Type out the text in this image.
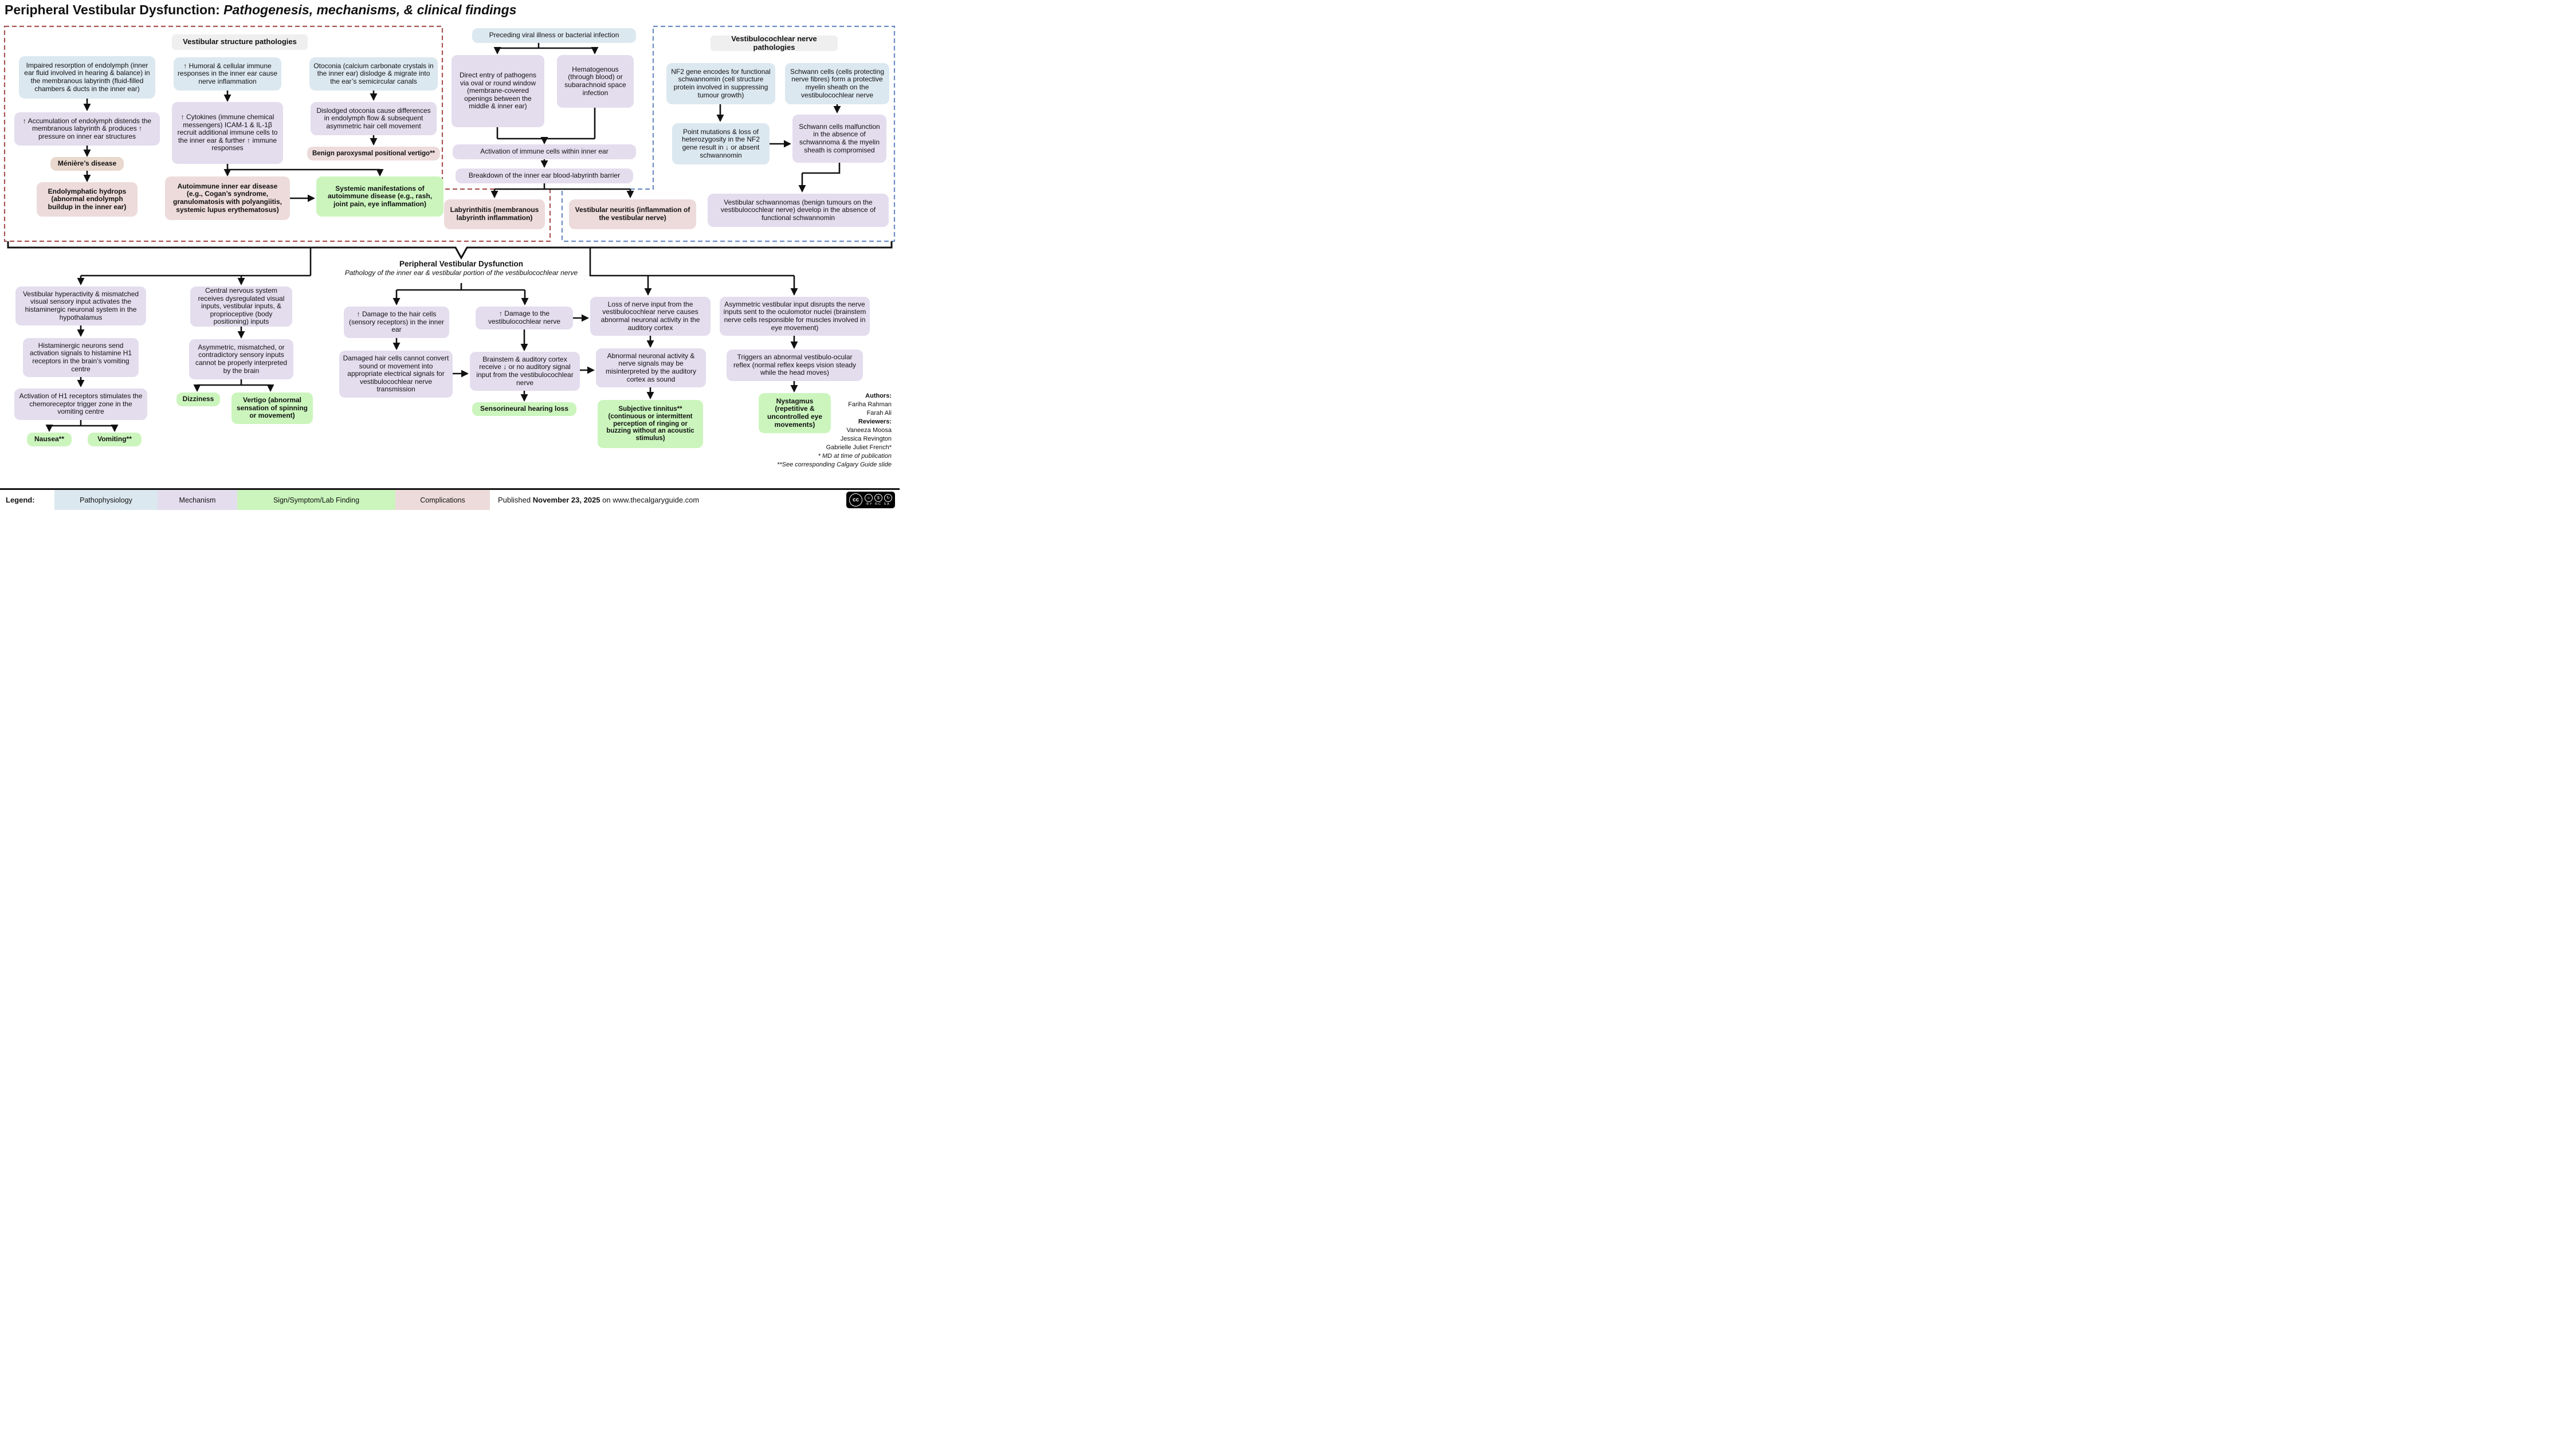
Peripheral Vestibular Dysfunction: Pathogenesis, mechanisms, & clinical findings
Vestibular structure pathologies	Vestibulocochlear nerve pathologies
Impaired resorption of endolymph (inner ear fluid involved in hearing & balance) in the membranous labyrinth (fluid-filled chambers & ducts in the inner ear)
↑ Accumulation of endolymph distends the membranous labyrinth & produces ↑ pressure on inner ear structures
Ménière’s disease
Endolymphatic hydrops (abnormal endolymph buildup in the inner ear)
↑ Humoral & cellular immune responses in the inner ear cause nerve inflammation
↑ Cytokines (immune chemical messengers) ICAM-1 & IL-1β recruit additional immune cells to the inner ear & further ↑ immune responses
Autoimmune inner ear disease (e.g., Cogan’s syndrome, granulomatosis with polyangiitis, systemic lupus erythematosus)
Otoconia (calcium carbonate crystals in the inner ear) dislodge & migrate into the ear’s semicircular canals
Dislodged otoconia cause differences in endolymph flow & subsequent asymmetric hair cell movement
Benign paroxysmal positional vertigo**
Systemic manifestations of autoimmune disease (e.g., rash, joint pain, eye inflammation)
Preceding viral illness or bacterial infection
Direct entry of pathogens via oval or round window (membrane-covered openings between the middle & inner ear)
Hematogenous (through blood) or subarachnoid space infection
Activation of immune cells within inner ear
Breakdown of the inner ear blood-labyrinth barrier
Labyrinthitis (membranous labyrinth inflammation)
Vestibular neuritis (inflammation of the vestibular nerve)
NF2 gene encodes for functional schwannomin (cell structure protein involved in suppressing tumour growth)
Schwann cells (cells protecting nerve fibres) form a protective myelin sheath on the vestibulocochlear nerve
Point mutations & loss of heterozygosity in the NF2 gene result in ↓ or absent schwannomin
Schwann cells malfunction in the absence of schwannoma & the myelin sheath is compromised
Vestibular schwannomas (benign tumours on the vestibulocochlear nerve) develop in the absence of functional schwannomin
Peripheral Vestibular Dysfunction
Pathology of the inner ear & vestibular portion of the vestibulocochlear nerve
Vestibular hyperactivity & mismatched visual sensory input activates the histaminergic neuronal system in the hypothalamus
Histaminergic neurons send activation signals to histamine H1 receptors in the brain’s vomiting centre
Activation of H1 receptors stimulates the chemoreceptor trigger zone in the vomiting centre
Nausea**	Vomiting**
Central nervous system receives dysregulated visual inputs, vestibular inputs, & proprioceptive (body positioning) inputs
Asymmetric, mismatched, or contradictory sensory inputs cannot be properly interpreted by the brain
Dizziness	Vertigo (abnormal sensation of spinning or movement)
↑ Damage to the hair cells (sensory receptors) in the inner ear
Damaged hair cells cannot convert sound or movement into appropriate electrical signals for vestibulocochlear nerve transmission
↑ Damage to the vestibulocochlear nerve
Brainstem & auditory cortex receive ↓ or no auditory signal input from the vestibulocochlear nerve
Sensorineural hearing loss
Loss of nerve input from the vestibulocochlear nerve causes abnormal neuronal activity in the auditory cortex
Abnormal neuronal activity & nerve signals may be misinterpreted by the auditory cortex as sound
Subjective tinnitus** (continuous or intermittent perception of ringing or buzzing without an acoustic stimulus)
Asymmetric vestibular input disrupts the nerve inputs sent to the oculomotor nuclei (brainstem nerve cells responsible for muscles involved in eye movement)
Triggers an abnormal vestibulo-ocular reflex (normal reflex keeps vision steady while the head moves)
Nystagmus (repetitive & uncontrolled eye movements)
Authors:
Fariha Rahman
Farah Ali
Reviewers:
Vaneeza Moosa
Jessica Revington
Gabrielle Juliet French*
* MD at time of publication
**See corresponding Calgary Guide slide
Legend:	Pathophysiology	Mechanism	Sign/Symptom/Lab Finding	Complications	Published
November 23, 2025
on www.thecalgaryguide.com	cc	☺	$	↻
BY NC SA
